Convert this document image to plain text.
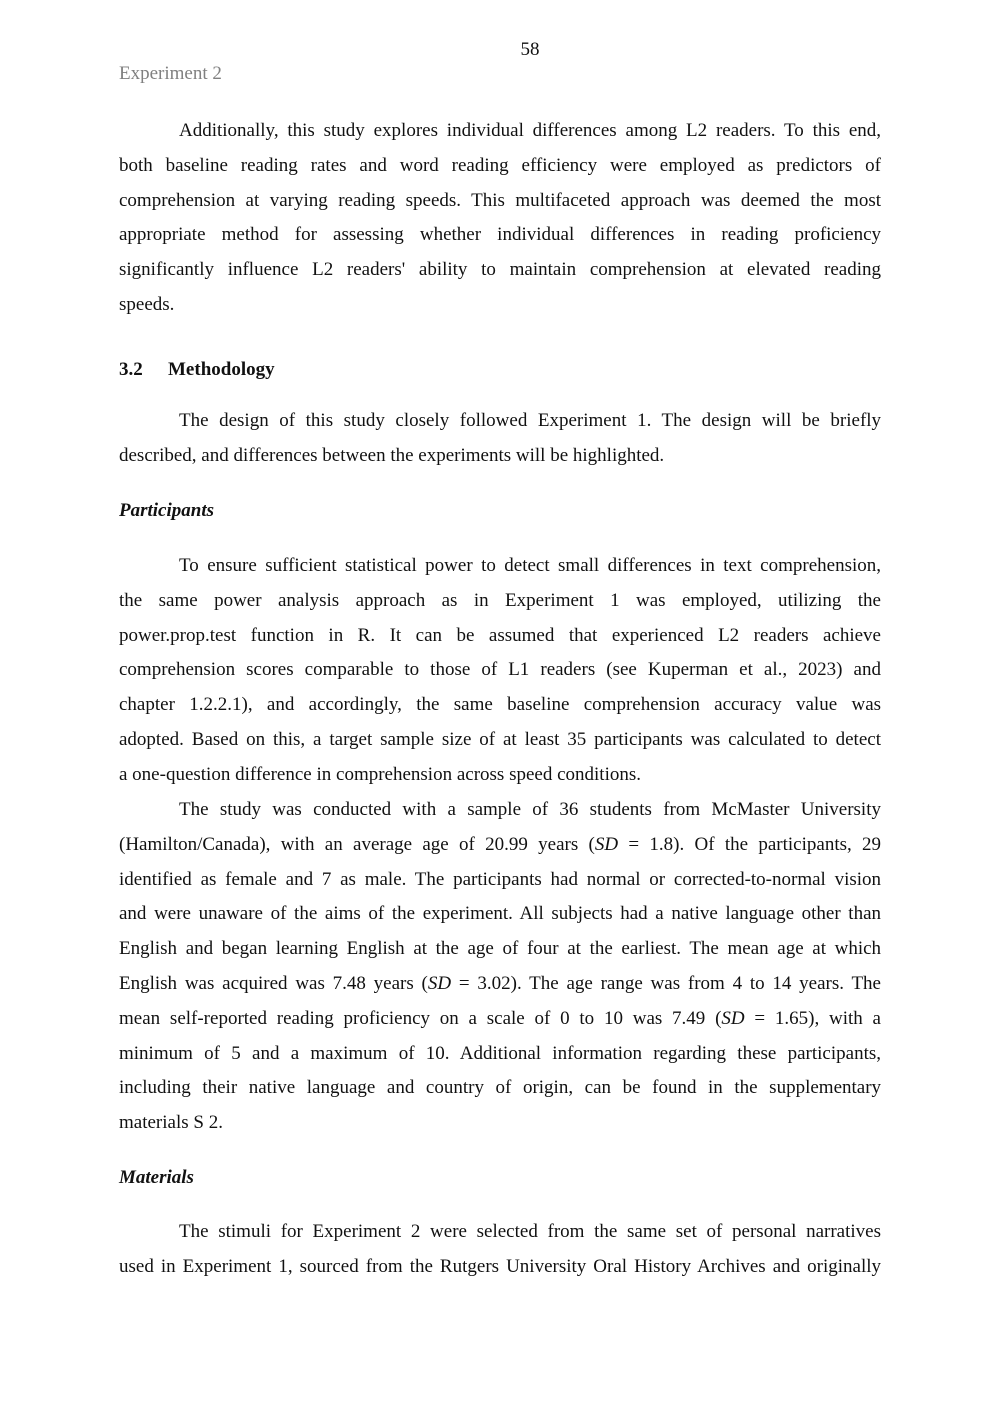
58
Experiment 2
Additionally, this study explores individual differences among L2 readers. To this end,
both baseline reading rates and word reading efficiency were employed as predictors of
comprehension at varying reading speeds. This multifaceted approach was deemed the most
appropriate method for assessing whether individual differences in reading proficiency
significantly influence L2 readers' ability to maintain comprehension at elevated reading
speeds.
3.2 Methodology
The design of this study closely followed Experiment 1. The design will be briefly
described, and differences between the experiments will be highlighted.
Participants
To ensure sufficient statistical power to detect small differences in text comprehension,
the same power analysis approach as in Experiment 1 was employed, utilizing the
power.prop.test function in R. It can be assumed that experienced L2 readers achieve
comprehension scores comparable to those of L1 readers (see Kuperman et al., 2023) and
chapter 1.2.2.1), and accordingly, the same baseline comprehension accuracy value was
adopted. Based on this, a target sample size of at least 35 participants was calculated to detect
a one-question difference in comprehension across speed conditions.
The study was conducted with a sample of 36 students from McMaster University
(Hamilton/Canada), with an average age of 20.99 years (SD = 1.8). Of the participants, 29
identified as female and 7 as male. The participants had normal or corrected-to-normal vision
and were unaware of the aims of the experiment. All subjects had a native language other than
English and began learning English at the age of four at the earliest. The mean age at which
English was acquired was 7.48 years (SD = 3.02). The age range was from 4 to 14 years. The
mean self-reported reading proficiency on a scale of 0 to 10 was 7.49 (SD = 1.65), with a
minimum of 5 and a maximum of 10. Additional information regarding these participants,
including their native language and country of origin, can be found in the supplementary
materials S 2.
Materials
The stimuli for Experiment 2 were selected from the same set of personal narratives
used in Experiment 1, sourced from the Rutgers University Oral History Archives and originally
